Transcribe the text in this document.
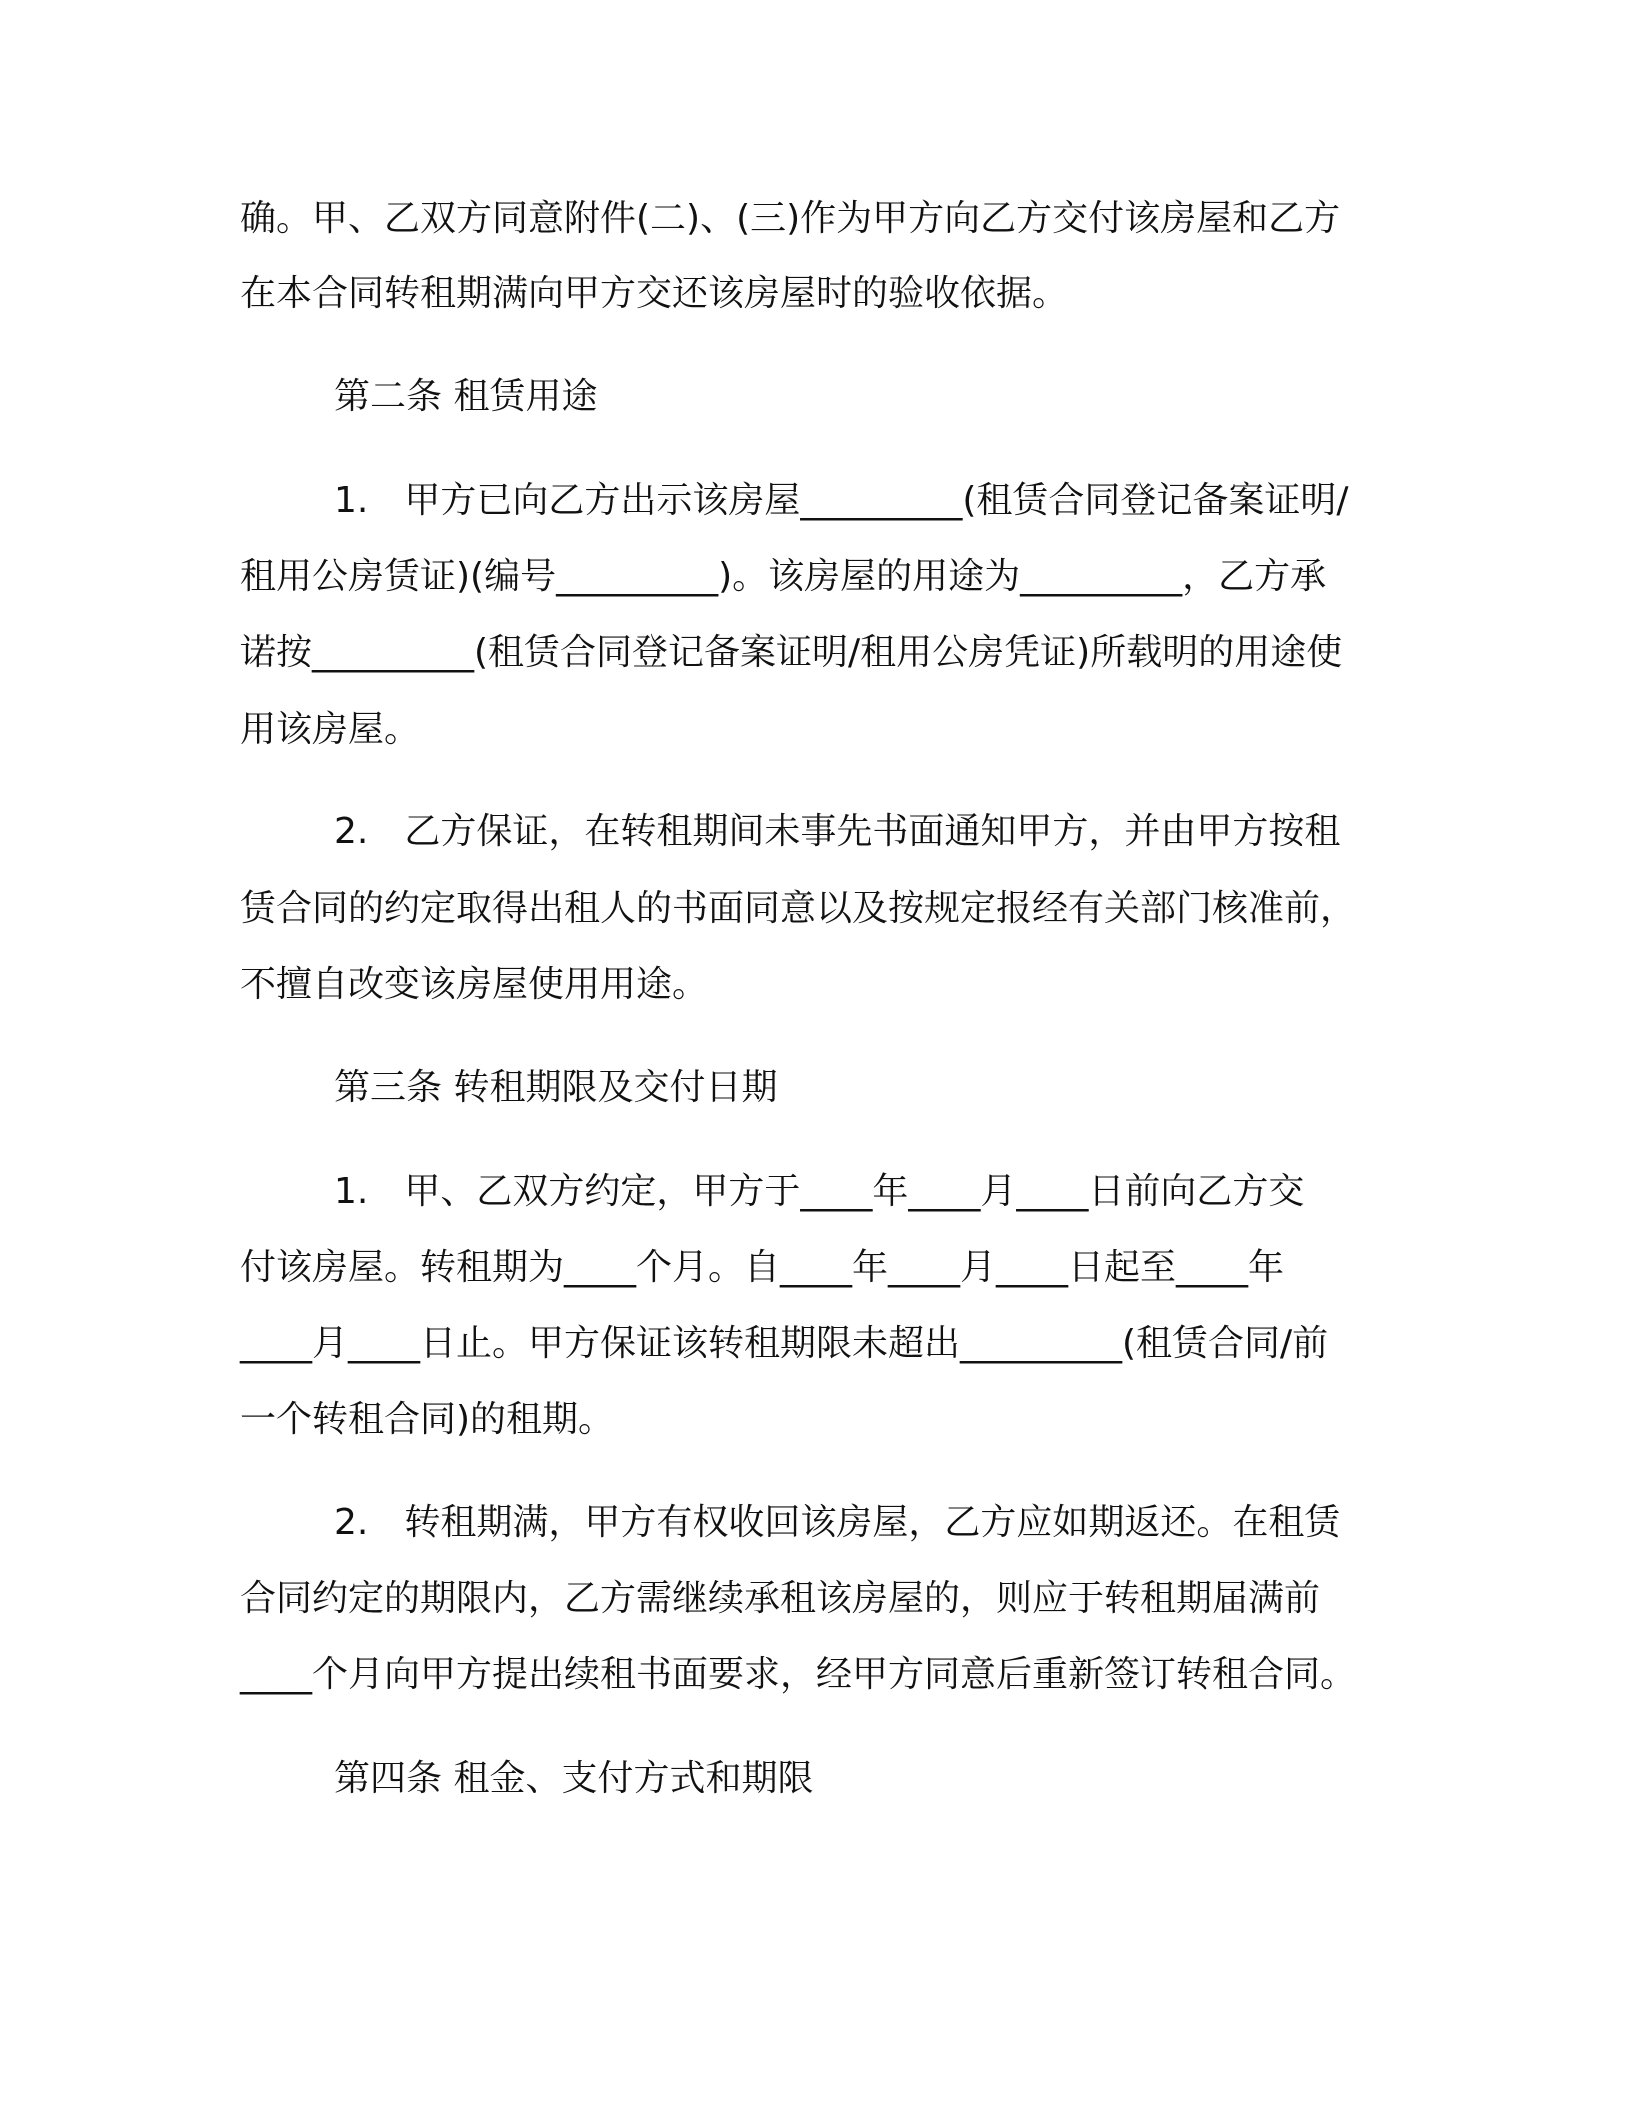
确。甲、乙双方同意附件(二)、(三)作为甲方向乙方交付该房屋和乙方
在本合同转租期满向甲方交还该房屋时的验收依据。
第二条 租赁用途
1.　甲方已向乙方出示该房屋_________(租赁合同登记备案证明/
租用公房赁证)(编号_________)。该房屋的用途为_________，乙方承
诺按_________(租赁合同登记备案证明/租用公房凭证)所载明的用途使
用该房屋。
2.　乙方保证，在转租期间未事先书面通知甲方，并由甲方按租
赁合同的约定取得出租人的书面同意以及按规定报经有关部门核准前，
不擅自改变该房屋使用用途。
第三条 转租期限及交付日期
1.　甲、乙双方约定，甲方于____年____月____日前向乙方交
付该房屋。转租期为____个月。自____年____月____日起至____年
____月____日止。甲方保证该转租期限未超出_________(租赁合同/前
一个转租合同)的租期。
2.　转租期满，甲方有权收回该房屋，乙方应如期返还。在租赁
合同约定的期限内，乙方需继续承租该房屋的，则应于转租期届满前
____个月向甲方提出续租书面要求，经甲方同意后重新签订转租合同。
第四条 租金、支付方式和期限
